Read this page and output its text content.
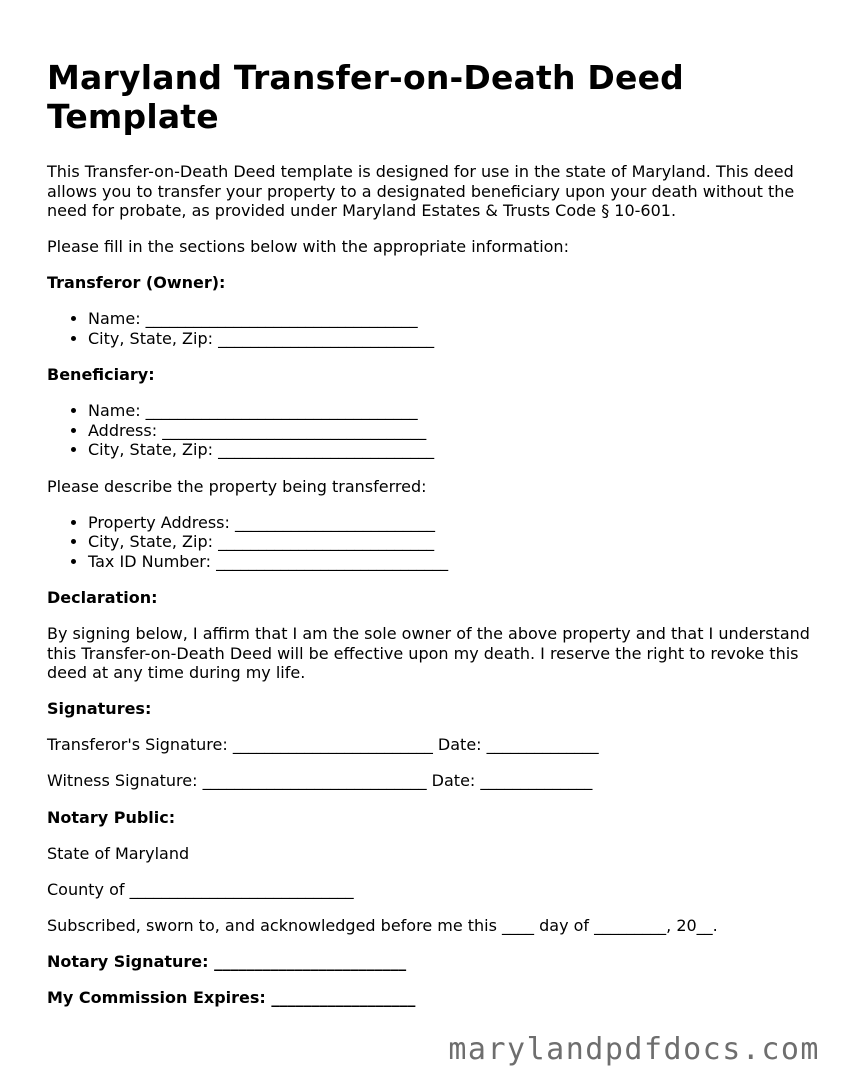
Maryland Transfer-on-Death Deed Template

This Transfer-on-Death Deed template is designed for use in the state of Maryland. This deed allows you to transfer your property to a designated beneficiary upon your death without the need for probate, as provided under Maryland Estates & Trusts Code § 10-601.

Please fill in the sections below with the appropriate information:

Transferor (Owner):

• Name: __________________________________
• City, State, Zip: ___________________________

Beneficiary:

• Name: __________________________________
• Address: _________________________________
• City, State, Zip: ___________________________

Please describe the property being transferred:

• Property Address: _________________________
• City, State, Zip: ___________________________
• Tax ID Number: _____________________________

Declaration:

By signing below, I affirm that I am the sole owner of the above property and that I understand this Transfer-on-Death Deed will be effective upon my death. I reserve the right to revoke this deed at any time during my life.

Signatures:

Transferor's Signature: _________________________ Date: ______________

Witness Signature: ____________________________ Date: ______________

Notary Public:

State of Maryland

County of ____________________________

Subscribed, sworn to, and acknowledged before me this ____ day of _________, 20__.

Notary Signature: ________________________

My Commission Expires: __________________

marylandpdfdocs.com
